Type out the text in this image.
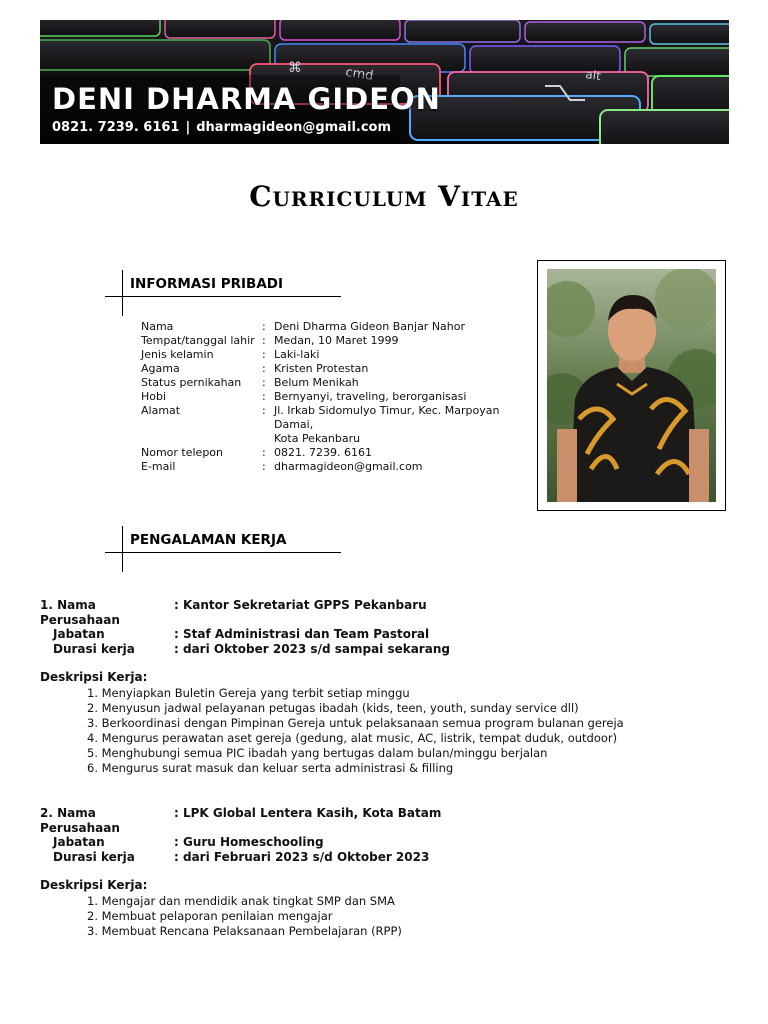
cmd	alt
⌘
DENI DHARMA GIDEON
0821. 7239. 6161 | dharmagideon@gmail.com
Curriculum Vitae
INFORMASI PRIBADI
Nama	: Deni Dharma Gideon Banjar Nahor
Tempat/tanggal lahir : Medan, 10 Maret 1999
Jenis kelamin	: Laki-laki
Agama	: Kristen Protestan
Status pernikahan	: Belum Menikah
Hobi	: Bernyanyi, traveling, berorganisasi
Alamat	: Jl. Irkab Sidomulyo Timur, Kec. Marpoyan Damai,
Kota Pekanbaru
Nomor telepon	: 0821. 7239. 6161
E-mail	: dharmagideon@gmail.com
PENGALAMAN KERJA
1. Nama Perusahaan
: Kantor Sekretariat GPPS Pekanbaru
Jabatan	: Staf Administrasi dan Team Pastoral
Durasi kerja	: dari Oktober 2023 s/d sampai sekarang
Deskripsi Kerja:
1. Menyiapkan Buletin Gereja yang terbit setiap minggu
2. Menyusun jadwal pelayanan petugas ibadah (kids, teen, youth, sunday service dll)
3. Berkoordinasi dengan Pimpinan Gereja untuk pelaksanaan semua program bulanan gereja
4. Mengurus perawatan aset gereja (gedung, alat music, AC, listrik, tempat duduk, outdoor)
5. Menghubungi semua PIC ibadah yang bertugas dalam bulan/minggu berjalan
6. Mengurus surat masuk dan keluar serta administrasi & filling
2. Nama Perusahaan
: LPK Global Lentera Kasih, Kota Batam
Jabatan	: Guru Homeschooling
Durasi kerja	: dari Februari 2023 s/d Oktober 2023
Deskripsi Kerja:
1. Mengajar dan mendidik anak tingkat SMP dan SMA
2. Membuat pelaporan penilaian mengajar
3. Membuat Rencana Pelaksanaan Pembelajaran (RPP)
